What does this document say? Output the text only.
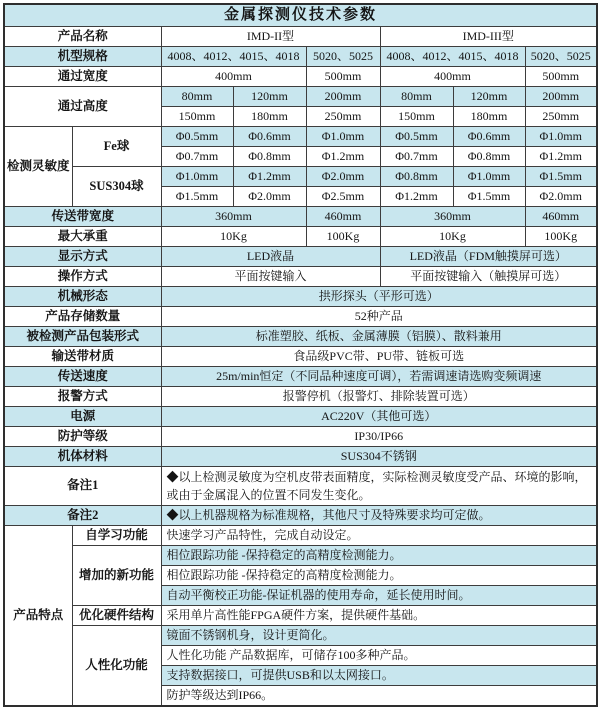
金属探测仪技术参数							
产品名称		IMD-II型			IMD-III型		
机型规格		4008、4012、4015、4018		5020、5025	4008、4012、4015、4018		5020、5025
通过宽度		400mm		500mm	400mm		500mm
通过高度		80mm	120mm	200mm	80mm	120mm	200mm
		150mm	180mm	250mm	150mm	180mm	250mm
检测灵敏度	Fe球	Φ0.5mm	Φ0.6mm	Φ1.0mm	Φ0.5mm	Φ0.6mm	Φ1.0mm
		Φ0.7mm	Φ0.8mm	Φ1.2mm	Φ0.7mm	Φ0.8mm	Φ1.2mm
	SUS304球	Φ1.0mm	Φ1.2mm	Φ2.0mm	Φ0.8mm	Φ1.0mm	Φ1.5mm
		Φ1.5mm	Φ2.0mm	Φ2.5mm	Φ1.2mm	Φ1.5mm	Φ2.0mm
传送带宽度		360mm		460mm	360mm		460mm
最大承重		10Kg		100Kg	10Kg		100Kg
显示方式		LED液晶			LED液晶（FDM触摸屏可选）		
操作方式		平面按键输入			平面按键输入（触摸屏可选）		
机械形态		拱形探头（平形可选）					
产品存储数量		52种产品					
被检测产品包装形式		标准塑胶、纸板、金属薄膜（铝膜）、散料兼用					
输送带材质		食品级PVC带、PU带、链板可选					
传送速度		25m/min恒定（不同品种速度可调），若需调速请选购变频调速					
报警方式		报警停机（报警灯、排除装置可选）					
电源		AC220V（其他可选）					
防护等级		IP30/IP66					
机体材料		SUS304不锈钢					
备注1		◆以上检测灵敏度为空机皮带表面精度，实际检测灵敏度受产品、环境的影响，或由于金属混入的位置不同发生变化。					
备注2		◆以上机器规格为标准规格，其他尺寸及特殊要求均可定做。					
产品特点	自学习功能	快速学习产品特性，完成自动设定。					
	增加的新功能	相位跟踪功能 -保持稳定的高精度检测能力。					
		相位跟踪功能 -保持稳定的高精度检测能力。					
		自动平衡校正功能-保证机器的使用寿命，延长使用时间。					
	优化硬件结构	采用单片高性能FPGA硬件方案，提供硬件基础。					
	人性化功能	镜面不锈钢机身，设计更简化。					
		人性化功能 产品数据库，可储存100多种产品。					
		支持数据接口，可提供USB和以太网接口。					
		防护等级达到IP66。					
